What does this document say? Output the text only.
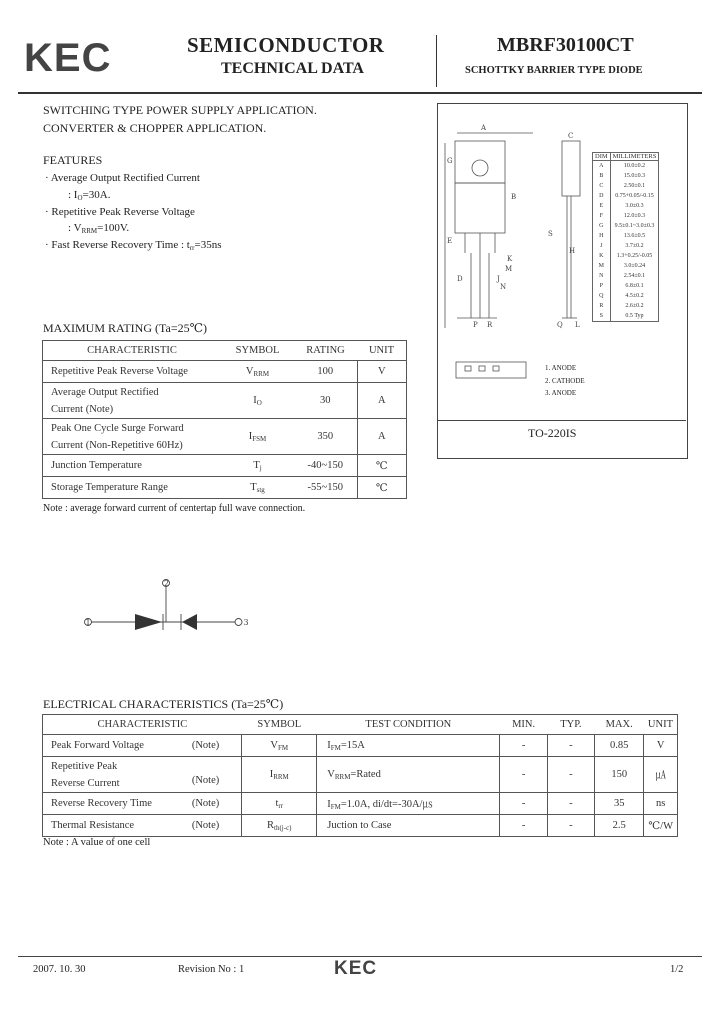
KEC	SEMICONDUCTOR
TECHNICAL DATA
MBRF30100CT
SCHOTTKY BARRIER TYPE DIODE
SWITCHING TYPE POWER SUPPLY APPLICATION.
CONVERTER & CHOPPER APPLICATION.
FEATURES
· Average Output Rectified Current
: $I_O=30A$.
· Repetitive Peak Reverse Voltage
: $V_{RRM}=100V$.
· Fast Reverse Recovery Time : $t_{rr}=35ns$
A
C
B
G
E
D
K
M
J
N
H
S
Q L
R
P
DIM	MILLIMETERS
A	10.0±0.2
B	15.0±0.3
C	2.50±0.1
D	0.75+0.05/-0.15
E	3.0±0.3
F	12.0±0.3
G	9.5±0.1~3.0±0.3
H	13.6±0.5
J	3.7±0.2
K	1.3+0.25/-0.05
M	3.0±0.24
N	2.54±0.1
P	6.8±0.1
Q	4.5±0.2
R	2.6±0.2
S	0.5 Typ
1. ANODE
2. CATHODE
3. ANODE
TO-220IS
MAXIMUM RATING (Ta=25℃)
CHARACTERISTIC	SYMBOL	RATING	UNIT

Repetitive Peak Reverse Voltage	VRRM	100	V

Average Output Rectified
Current (Note)	IO	30	A

Peak One Cycle Surge Forward
Current (Non-Repetitive 60Hz)	IFSM	350	A

Junction Temperature	Tj	-40~150	℃

Storage Temperature Range	Tstg	-55~150	℃
Note : average forward current of centertap full wave connection.
1
2
3
ELECTRICAL CHARACTERISTICS (Ta=25℃)
CHARACTERISTIC	SYMBOL	TEST CONDITION	MIN.	TYP.	MAX.	UNIT

Peak Forward Voltage (Note)	VFM	IFM=15A	-	-	0.85	V

Repetitive Peak
Reverse Current (Note)	IRRM	VRRM=Rated	-	-	150	㎂

Reverse Recovery Time (Note)	trr	IFM=1.0A, di/dt=-30A/㎲	-	-	35	ns

Thermal Resistance (Note)	Rth(j-c)	Juction to Case	-	-	2.5	℃/W
Note : A value of one cell
2007. 10. 30	Revision No : 1	KEC	1/2
